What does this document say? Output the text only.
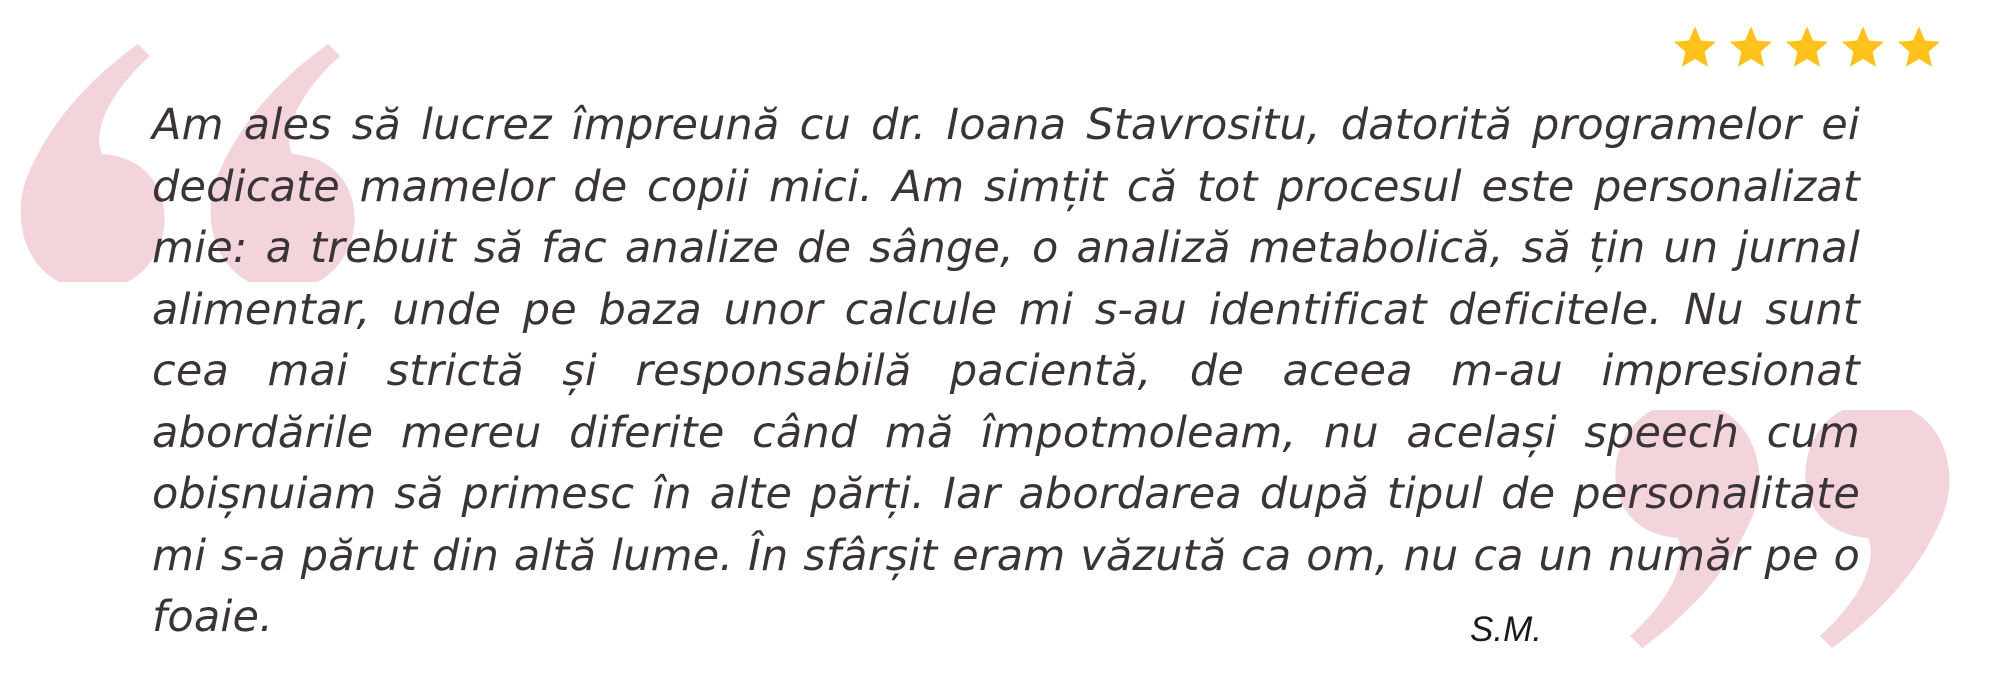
Am ales să lucrez împreună cu dr. Ioana Stavrositu, datorită programelor ei dedicate mamelor de copii mici. Am simțit că tot procesul este personalizat mie: a trebuit să fac analize de sânge, o analiză metabolică, să țin un jurnal alimentar, unde pe baza unor calcule mi s-au identificat deficitele. Nu sunt cea mai strictă și responsabilă pacientă, de aceea m-au impresionat abordările mereu diferite când mă împotmoleam, nu același speech cum obișnuiam să primesc în alte părți. Iar abordarea după tipul de personalitate mi s-a părut din altă lume. În sfârșit eram văzută ca om, nu ca un număr pe o foaie.	S.M.
